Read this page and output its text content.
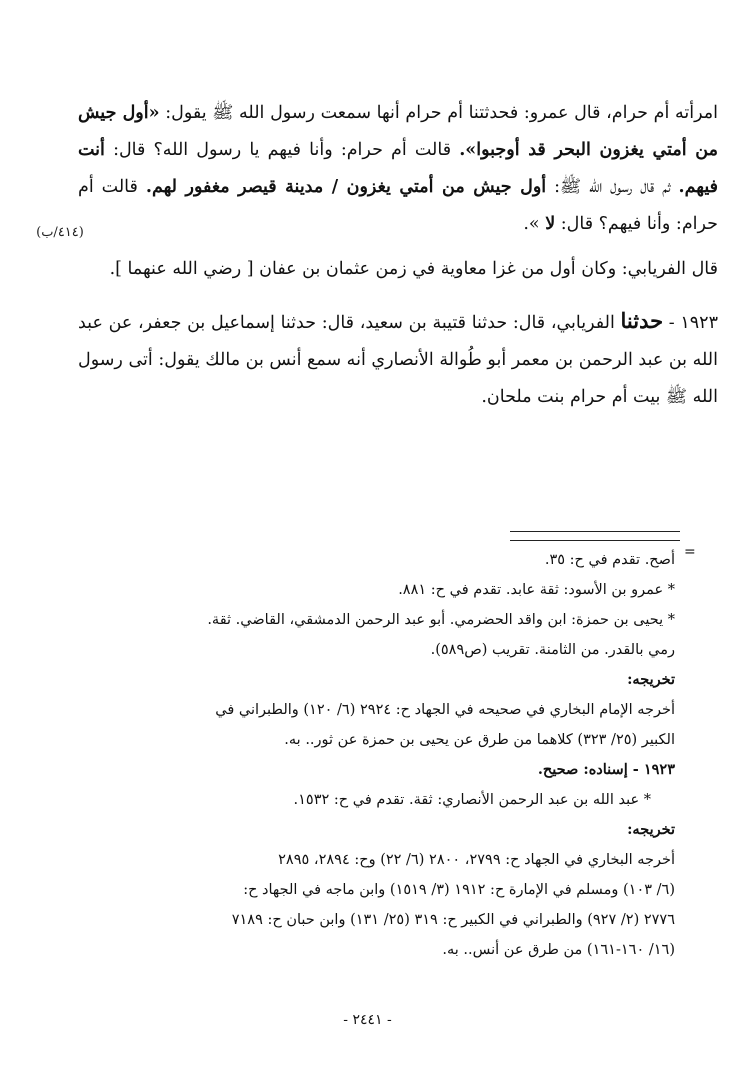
امرأته أم حرام، قال عمرو: فحدثتنا أم حرام أنها سمعت رسول الله ﷺ يقول: «أول جيش من أمتي يغزون البحر قد أوجبوا». قالت أم حرام: وأنا فيهم يا رسول الله؟ قال: أنت فيهم. ثم قال رسول الله ﷺ: أول جيش من أمتي يغزون / مدينة قيصر مغفور لهم. قالت أم حرام: وأنا فيهم؟ قال: لا ».

قال الفريابي: وكان أول من غزا معاوية في زمن عثمان بن عفان [ رضي الله عنهما ].

١٩٢٣ - حدثنا الفريابي، قال: حدثنا قتيبة بن سعيد، قال: حدثنا إسماعيل بن جعفر، عن عبد الله بن عبد الرحمن بن معمر أبو طُوالة الأنصاري أنه سمع أنس بن مالك يقول: أتى رسول الله ﷺ بيت أم حرام بنت ملحان.

(٤١٤/ب)
=
أصح. تقدم في ح: ٣٥.
* عمرو بن الأسود: ثقة عابد. تقدم في ح: ٨٨١.
* يحيى بن حمزة: ابن واقد الحضرمي. أبو عبد الرحمن الدمشقي، القاضي. ثقة.
رمي بالقدر. من الثامنة. تقريب (ص٥٨٩).
تخريجه:
أخرجه الإمام البخاري في صحيحه في الجهاد ح: ٢٩٢٤ (٦/ ١٢٠) والطبراني في
الكبير (٢٥/ ٣٢٣) كلاهما من طرق عن يحيى بن حمزة عن ثور.. به.
١٩٢٣ - إسناده: صحيح.
* عبد الله بن عبد الرحمن الأنصاري: ثقة. تقدم في ح: ١٥٣٢.
تخريجه:
أخرجه البخاري في الجهاد ح: ٢٧٩٩، ٢٨٠٠ (٦/ ٢٢) وح: ٢٨٩٤، ٢٨٩٥
(٦/ ١٠٣) ومسلم في الإمارة ح: ١٩١٢ (٣/ ١٥١٩) وابن ماجه في الجهاد ح:
٢٧٧٦ (٢/ ٩٢٧) والطبراني في الكبير ح: ٣١٩ (٢٥/ ١٣١) وابن حبان ح: ٧١٨٩
(١٦/ ١٦٠-١٦١) من طرق عن أنس.. به.
- ٢٤٤١ -
